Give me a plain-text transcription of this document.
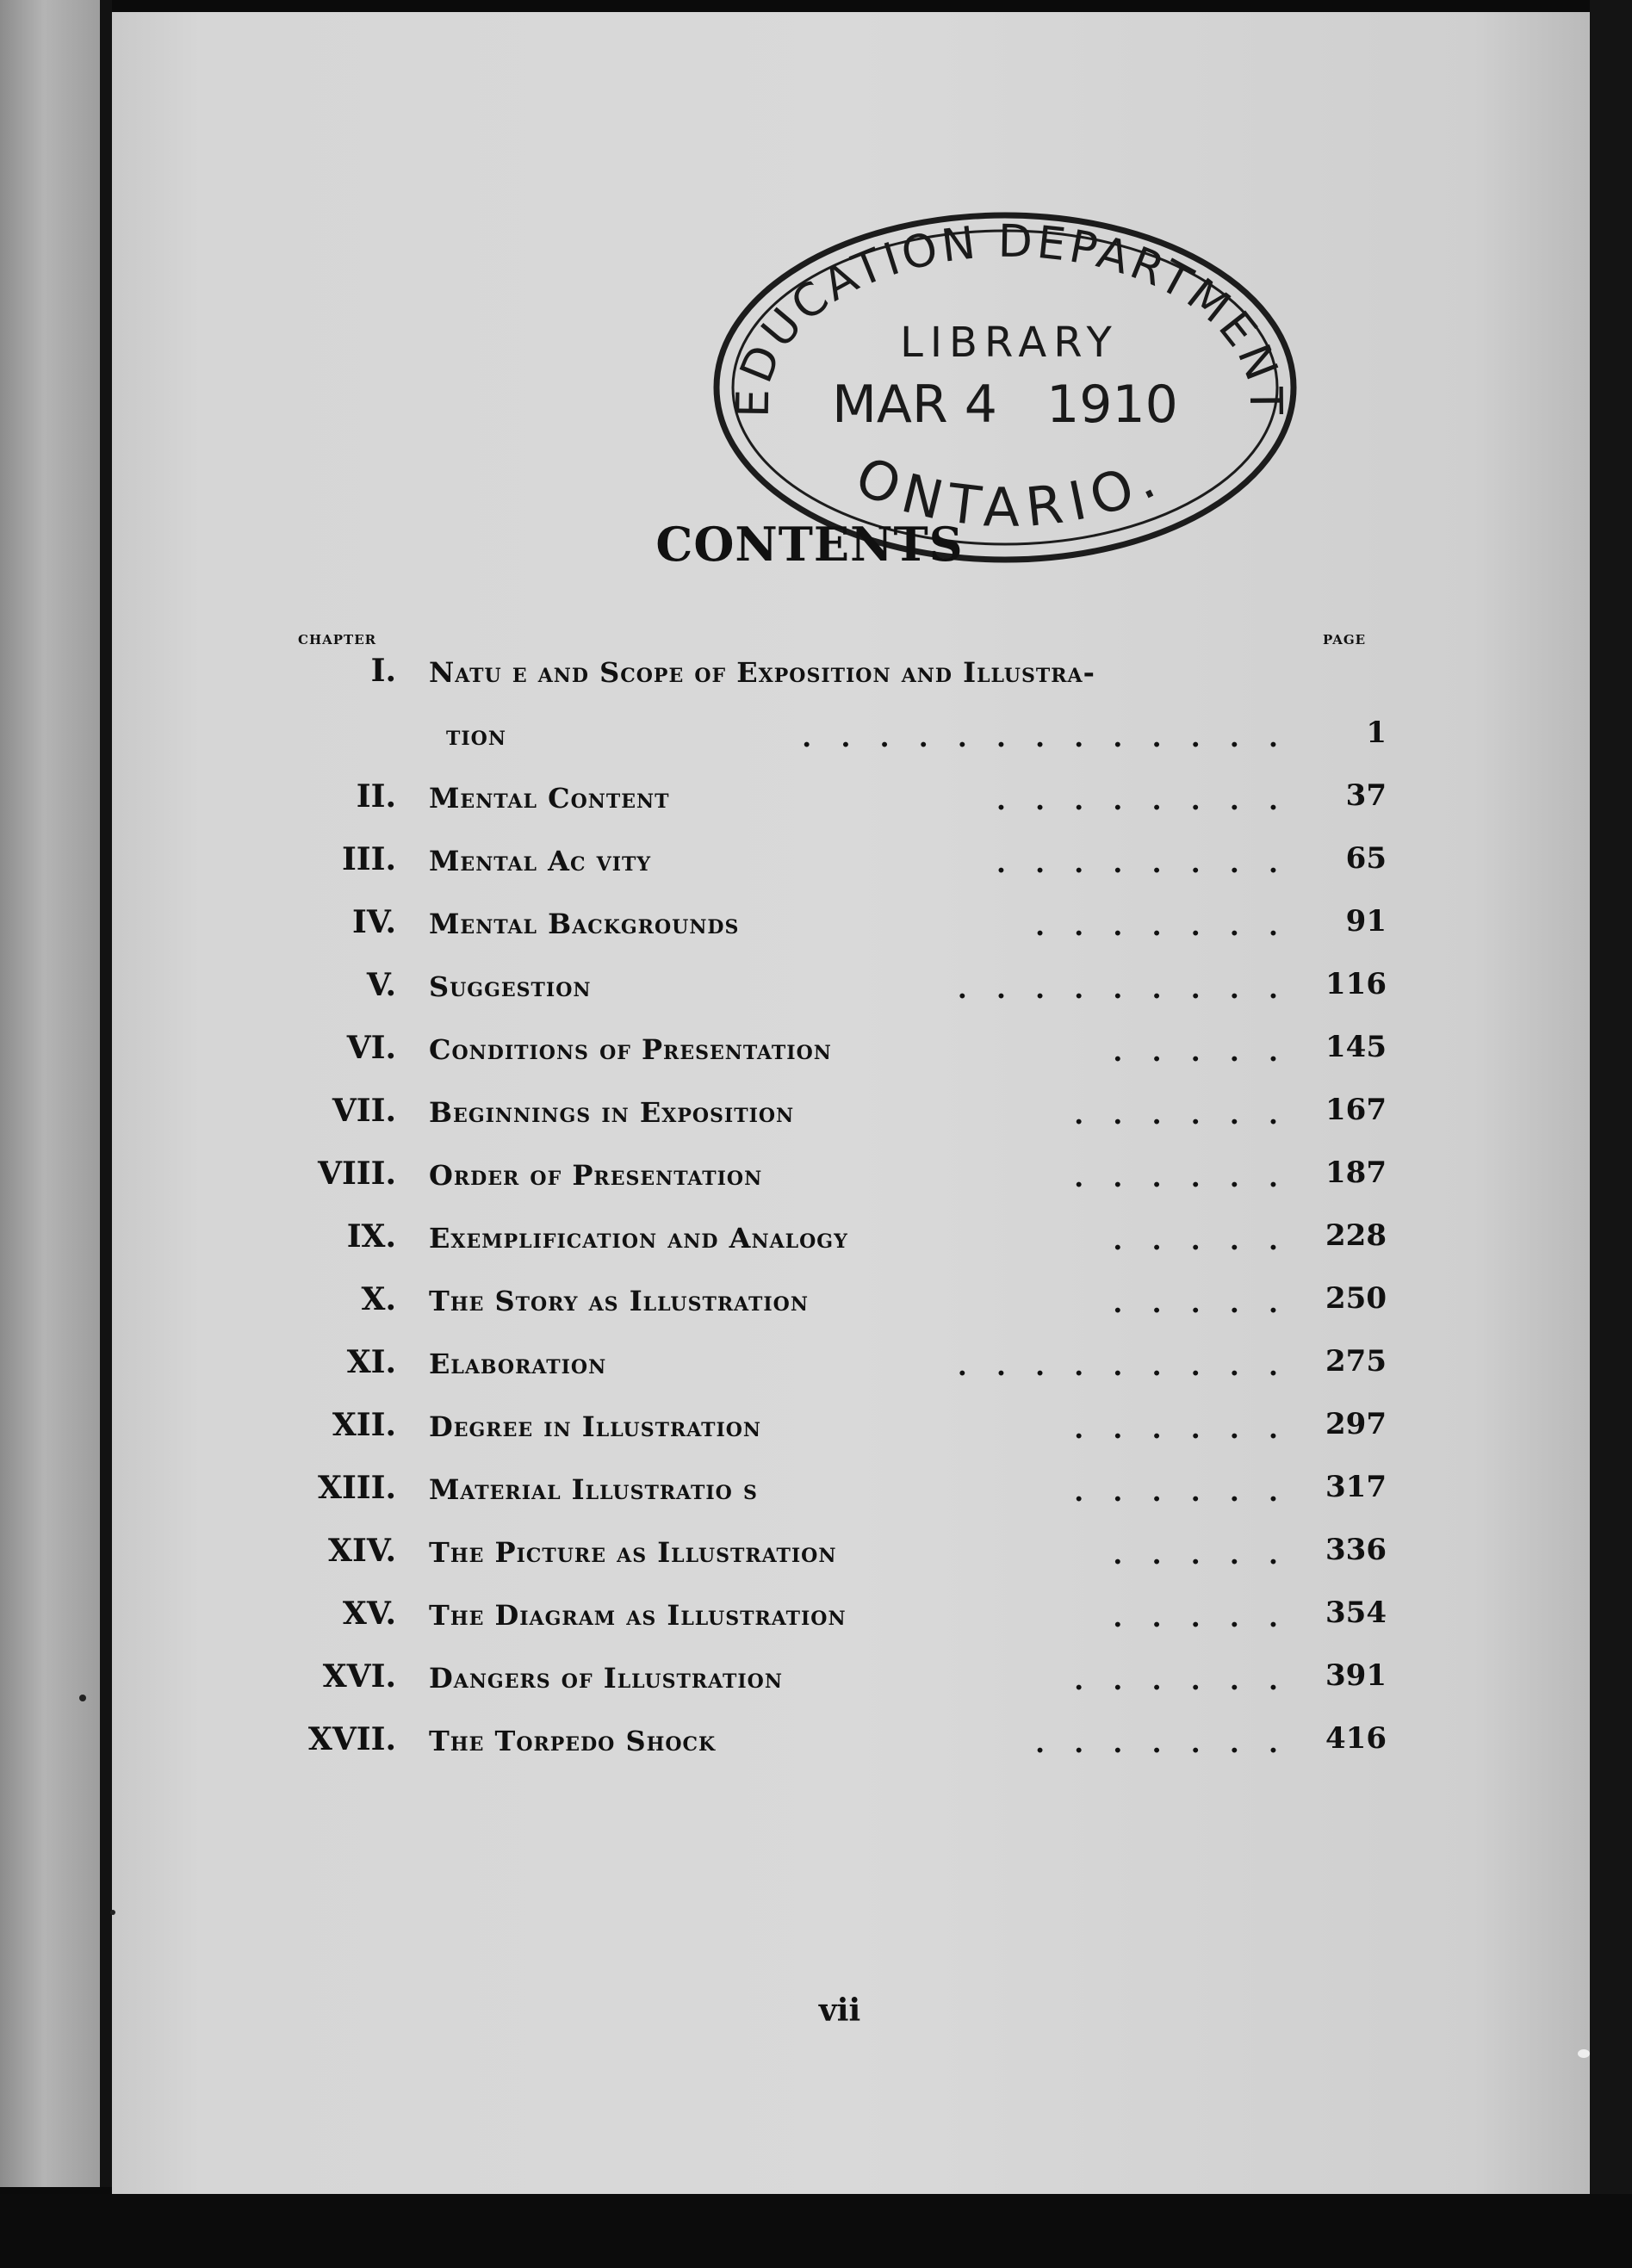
EDUCATION DEPARTMENT
LIBRARY
MAR 4   1910
ONTARIO.
CONTENTS
CHAPTER	PAGE
I. Natu e and Scope of Exposition and Illustra-
tion	.............	1
II. Mental Content	........	37
III. Mental Ac vity	........	65
IV. Mental Backgrounds	.......	91
V. Suggestion	......... 116
VI. Conditions of Presentation	..... 145
VII. Beginnings in Exposition	...... 167
VIII. Order of Presentation	...... 187
IX. Exemplification and Analogy	..... 228
X. The Story as Illustration	..... 250
XI. Elaboration	......... 275
XII. Degree in Illustration	...... 297
XIII. Material Illustratio s	...... 317
XIV. The Picture as Illustration	..... 336
XV. The Diagram as Illustration	..... 354
XVI. Dangers of Illustration	...... 391
XVII. The Torpedo Shock	....... 416
vii
